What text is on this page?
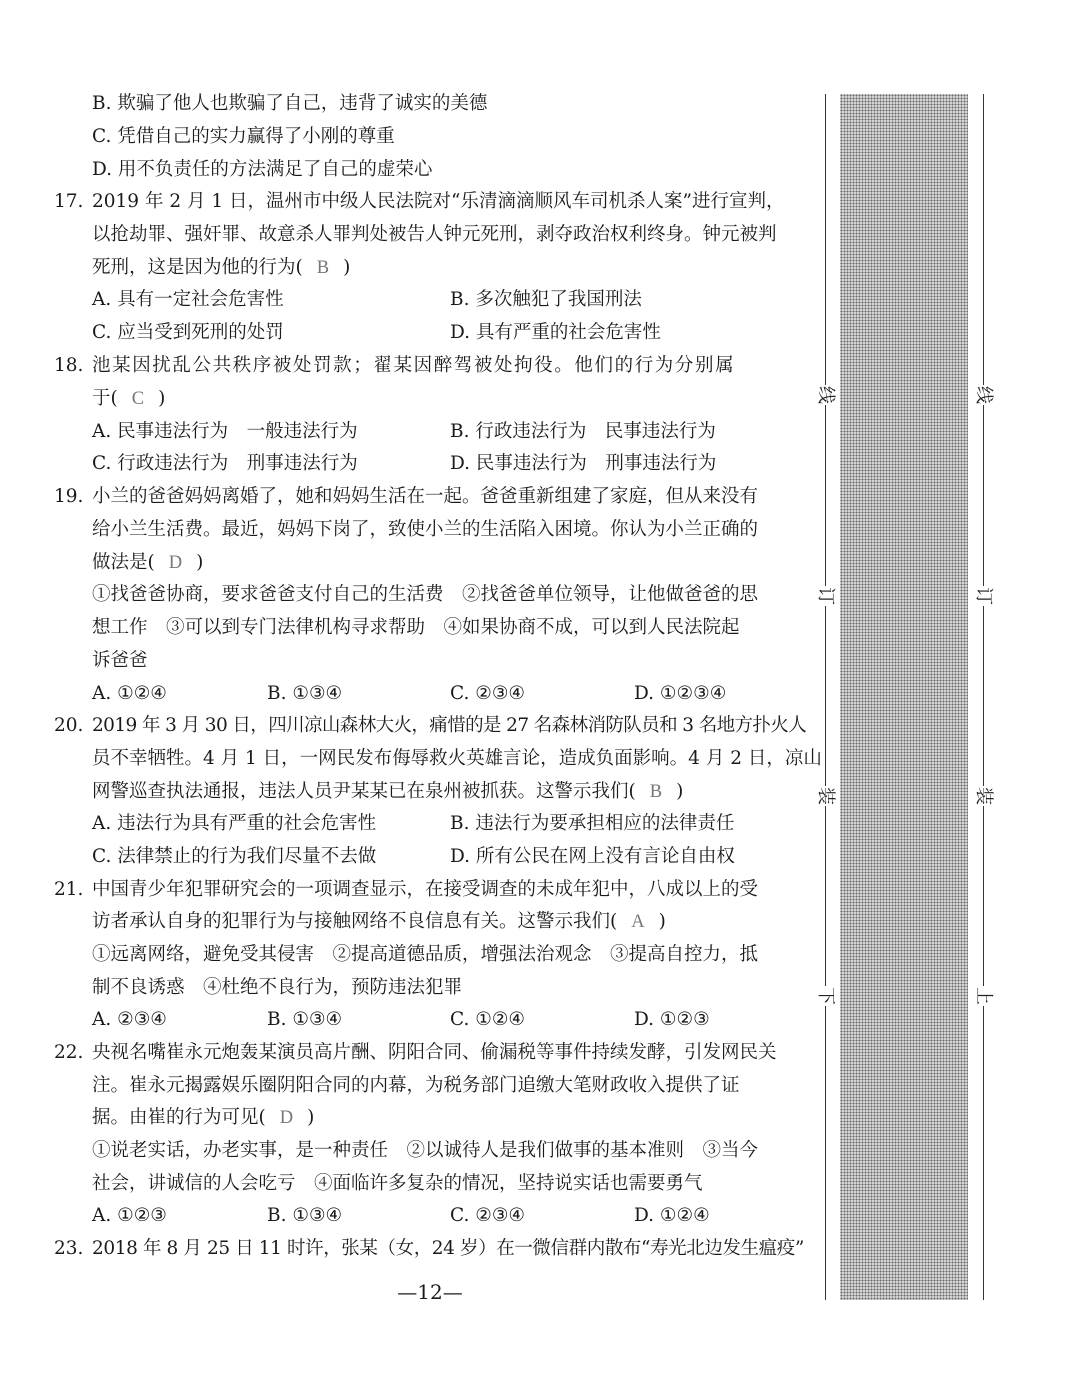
B. 欺骗了他人也欺骗了自己，违背了诚实的美德
C. 凭借自己的实力赢得了小刚的尊重
D. 用不负责任的方法满足了自己的虚荣心
17. 2019 年 2 月 1 日，温州市中级人民法院对“乐清滴滴顺风车司机杀人案”进行宣判，
以抢劫罪、强奸罪、故意杀人罪判处被告人钟元死刑，剥夺政治权利终身。钟元被判
死刑，这是因为他的行为( B )
A. 具有一定社会危害性	B. 多次触犯了我国刑法
C. 应当受到死刑的处罚	D. 具有严重的社会危害性
18. 池某因扰乱公共秩序被处罚款；翟某因醉驾被处拘役。他们的行为分别属
于( C )
A. 民事违法行为　一般违法行为	B. 行政违法行为　民事违法行为
C. 行政违法行为　刑事违法行为	D. 民事违法行为　刑事违法行为
19. 小兰的爸爸妈妈离婚了，她和妈妈生活在一起。爸爸重新组建了家庭，但从来没有
给小兰生活费。最近，妈妈下岗了，致使小兰的生活陷入困境。你认为小兰正确的
做法是( D )
①找爸爸协商，要求爸爸支付自己的生活费　②找爸爸单位领导，让他做爸爸的思
想工作　③可以到专门法律机构寻求帮助　④如果协商不成，可以到人民法院起
诉爸爸
A. ①②④	B. ①③④	C. ②③④	D. ①②③④
20. 2019 年 3 月 30 日，四川凉山森林大火，痛惜的是 27 名森林消防队员和 3 名地方扑火人
员不幸牺牲。4 月 1 日，一网民发布侮辱救火英雄言论，造成负面影响。4 月 2 日，凉山
网警巡查执法通报，违法人员尹某某已在泉州被抓获。这警示我们( B )
A. 违法行为具有严重的社会危害性	B. 违法行为要承担相应的法律责任
C. 法律禁止的行为我们尽量不去做	D. 所有公民在网上没有言论自由权
21. 中国青少年犯罪研究会的一项调查显示，在接受调查的未成年犯中，八成以上的受
访者承认自身的犯罪行为与接触网络不良信息有关。这警示我们( A )
①远离网络，避免受其侵害　②提高道德品质，增强法治观念　③提高自控力，抵
制不良诱惑　④杜绝不良行为，预防违法犯罪
A. ②③④	B. ①③④	C. ①②④	D. ①②③
22. 央视名嘴崔永元炮轰某演员高片酬、阴阳合同、偷漏税等事件持续发酵，引发网民关
注。崔永元揭露娱乐圈阴阳合同的内幕，为税务部门追缴大笔财政收入提供了证
据。由崔的行为可见( D )
①说老实话，办老实事，是一种责任　②以诚待人是我们做事的基本准则　③当今
社会，讲诚信的人会吃亏　④面临许多复杂的情况，坚持说实话也需要勇气
A. ①②③	B. ①③④	C. ②③④	D. ①②④
23. 2018 年 8 月 25 日 11 时许，张某（女，24 岁）在一微信群内散布“寿光北边发生瘟疫”
线
订
装
下
线
订
装
上
—12—
